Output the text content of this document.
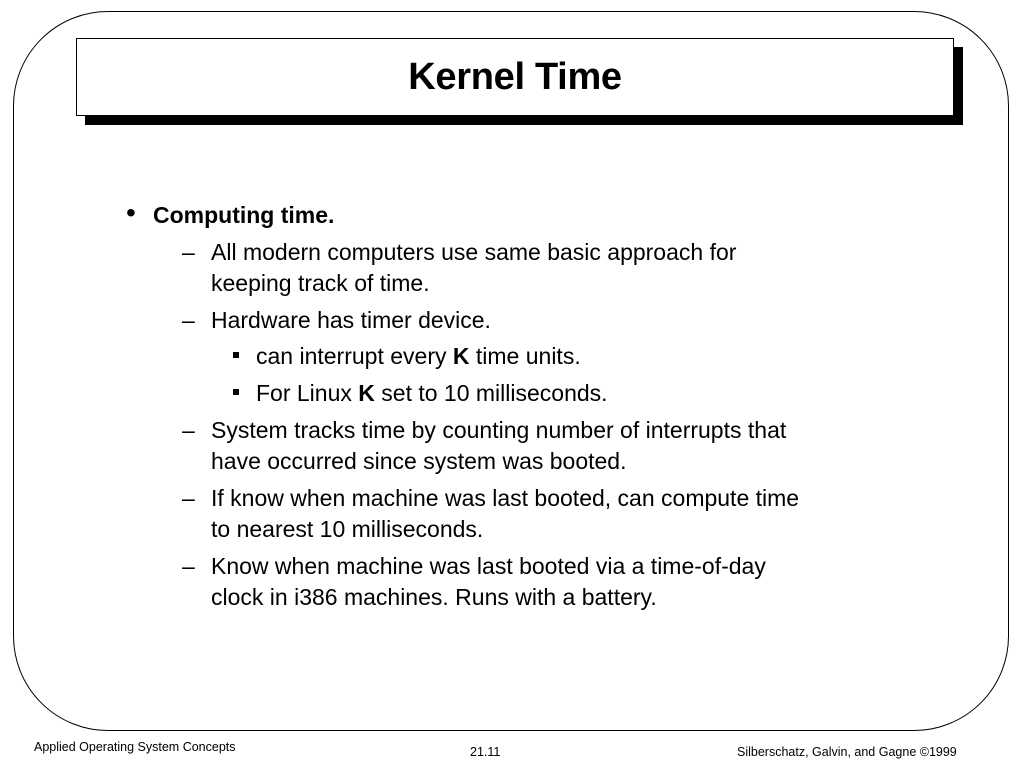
Kernel Time
• Computing time.
– All modern computers use same basic approach for
keeping track of time.
– Hardware has timer device.
can interrupt every K time units.
For Linux K set to 10 milliseconds.
– System tracks time by counting number of interrupts that
have occurred since system was booted.
– If know when machine was last booted, can compute time
to nearest 10 milliseconds.
– Know when machine was last booted via a time-of-day
clock in i386 machines. Runs with a battery.
Applied Operating System Concepts	21.11	Silberschatz, Galvin, and Gagne ©1999
